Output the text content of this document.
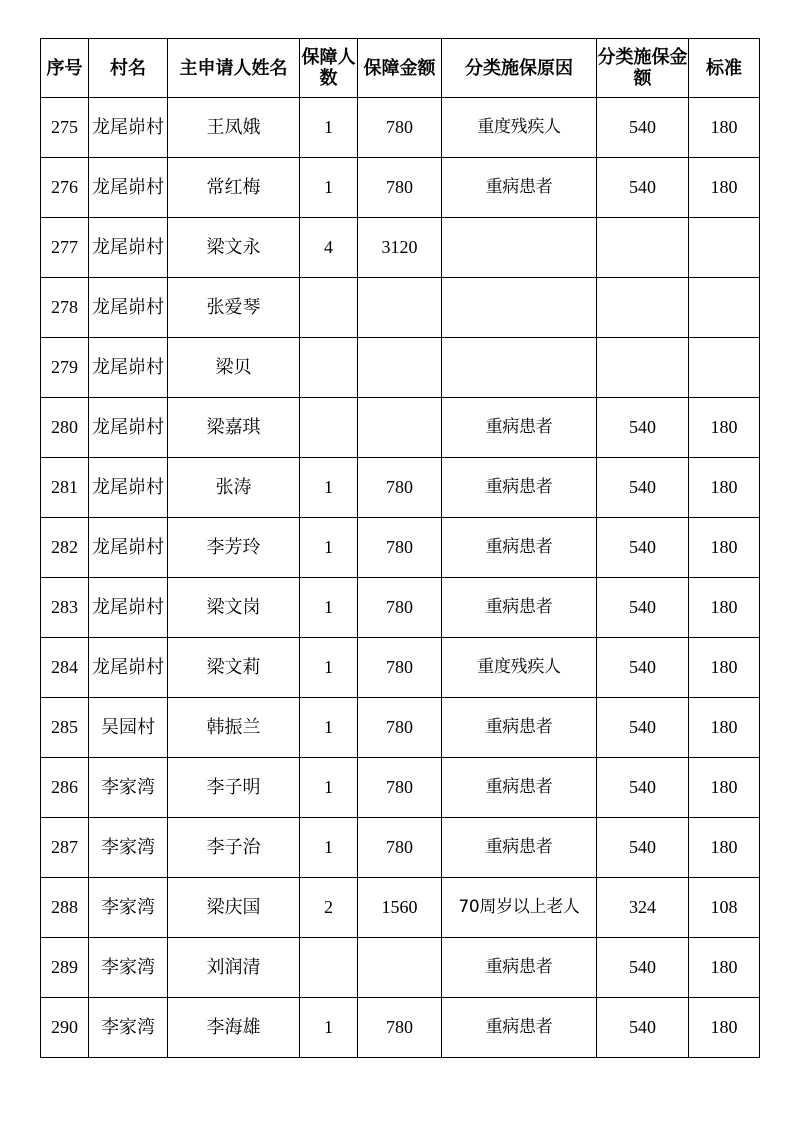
序号	村名	主申请人姓名	保障人数	保障金额	分类施保原因	分类施保金额	标准
275	龙尾峁村	王凤娥	1	780	重度残疾人	540	180
276	龙尾峁村	常红梅	1	780	重病患者	540	180
277	龙尾峁村	梁文永	4	3120			
278	龙尾峁村	张爱琴					
279	龙尾峁村	梁贝					
280	龙尾峁村	梁嘉琪			重病患者	540	180
281	龙尾峁村	张涛	1	780	重病患者	540	180
282	龙尾峁村	李芳玲	1	780	重病患者	540	180
283	龙尾峁村	梁文岗	1	780	重病患者	540	180
284	龙尾峁村	梁文莉	1	780	重度残疾人	540	180
285	吴园村	韩振兰	1	780	重病患者	540	180
286	李家湾	李子明	1	780	重病患者	540	180
287	李家湾	李子治	1	780	重病患者	540	180
288	李家湾	梁庆国	2	1560	70周岁以上老人	324	108
289	李家湾	刘润清			重病患者	540	180
290	李家湾	李海雄	1	780	重病患者	540	180
